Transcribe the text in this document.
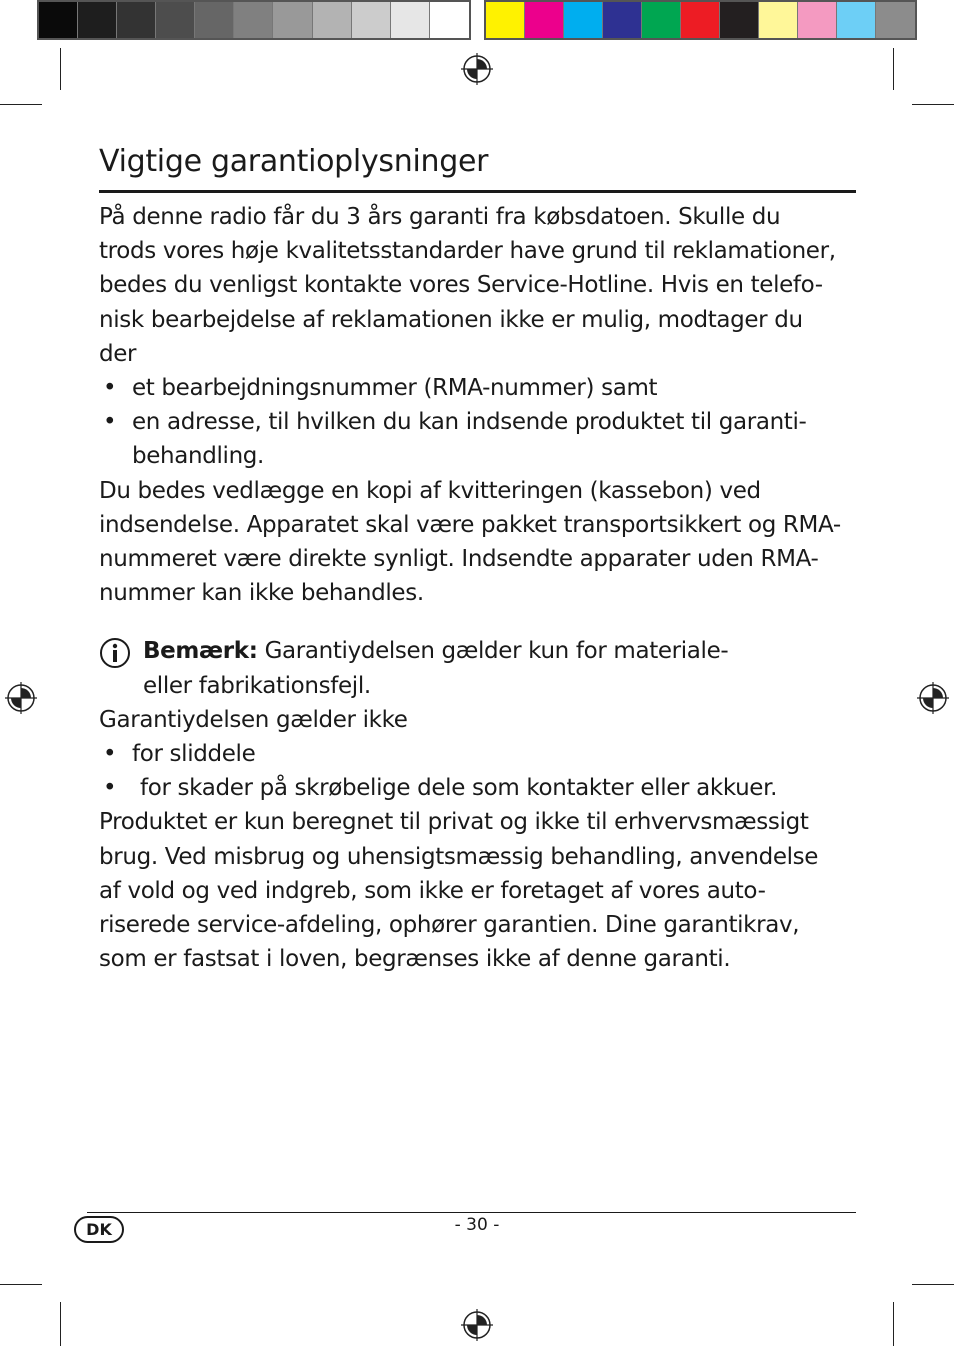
Vigtige garantioplysninger

På denne radio får du 3 års garanti fra købsdatoen. Skulle du trods vores høje kvalitetsstandarder have grund til reklamationer, bedes du venligst kontakte vores Service-Hotline. Hvis en telefo-nisk bearbejdelse af reklamationen ikke er mulig, modtager du der

• et bearbejdningsnummer (RMA-nummer) samt
• en adresse, til hvilken du kan indsende produktet til garanti-behandling.

Du bedes vedlægge en kopi af kvitteringen (kassebon) ved indsendelse. Apparatet skal være pakket transportsikkert og RMA-nummeret være direkte synligt. Indsendte apparater uden RMA-nummer kan ikke behandles.

Bemærk: Garantiydelsen gælder kun for materiale-
eller fabrikationsfejl.

Garantiydelsen gælder ikke

• for sliddele
•	for skader på skrøbelige dele som kontakter eller akkuer.

Produktet er kun beregnet til privat og ikke til erhvervsmæssigt brug. Ved misbrug og uhensigtsmæssig behandling, anvendelse af vold og ved indgreb, som ikke er foretaget af vores auto-riserede service-afdeling, ophører garantien. Dine garantikrav, som er fastsat i loven, begrænses ikke af denne garanti.

DK	- 30 -
